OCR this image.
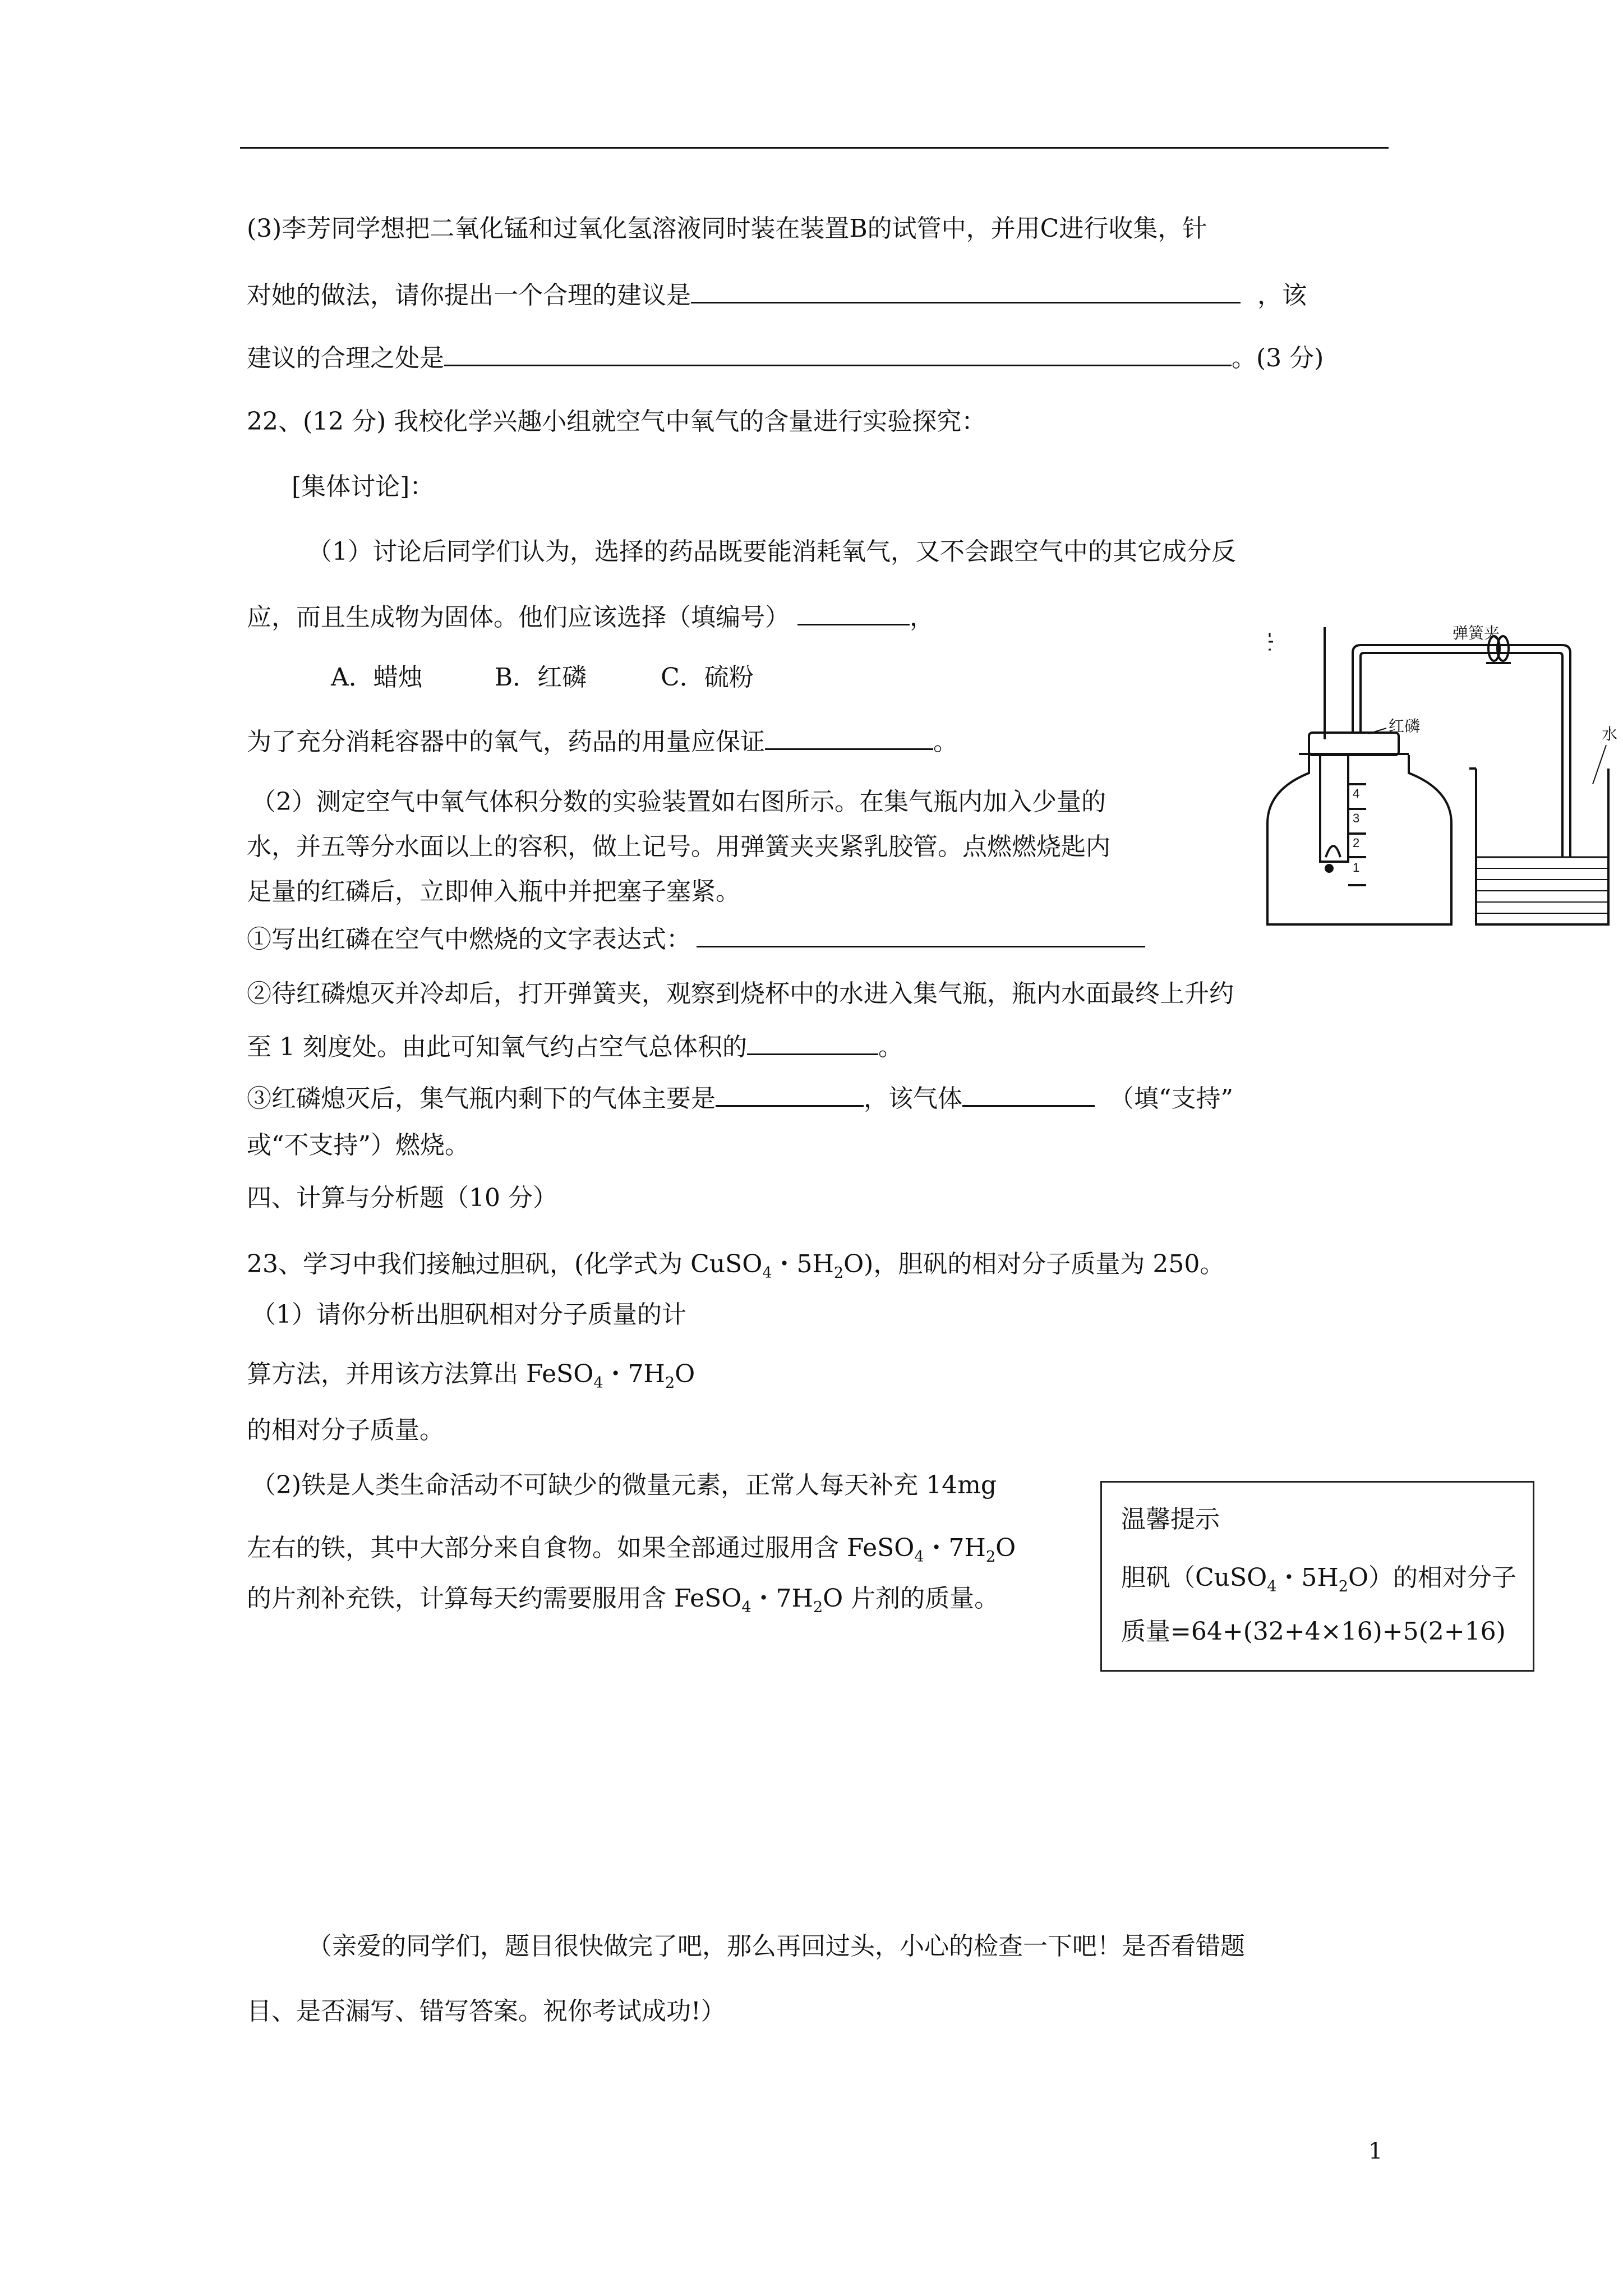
(3)李芳同学想把二氧化锰和过氧化氢溶液同时装在装置B的试管中，并用C进行收集，针
对她的做法，请你提出一个合理的建议是	，该
建议的合理之处是	。(3 分)
22、(12 分) 我校化学兴趣小组就空气中氧气的含量进行实验探究：
[集体讨论]：
（1）讨论后同学们认为，选择的药品既要能消耗氧气，又不会跟空气中的其它成分反
应，而且生成物为固体。他们应该选择（填编号）	，
A．蜡烛	B．红磷	C．硫粉
为了充分消耗容器中的氧气，药品的用量应保证	。
（2）测定空气中氧气体积分数的实验装置如右图所示。在集气瓶内加入少量的
水，并五等分水面以上的容积，做上记号。用弹簧夹夹紧乳胶管。点燃燃烧匙内
足量的红磷后，立即伸入瓶中并把塞子塞紧。
①写出红磷在空气中燃烧的文字表达式：
②待红磷熄灭并冷却后，打开弹簧夹，观察到烧杯中的水进入集气瓶，瓶内水面最终上升约
至 1 刻度处。由此可知氧气约占空气总体积的	。
③红磷熄灭后，集气瓶内剩下的气体主要是	，该气体	（填“支持”
或“不支持”）燃烧。
弹簧夹
红磷	水
4
3
2
1
四、计算与分析题（10 分）
23、学习中我们接触过胆矾，(化学式为 CuSO$_4$・$5H_2O$)，胆矾的相对分子质量为 250。
（1）请你分析出胆矾相对分子质量的计
算方法，并用该方法算出 FeSO$_4$・$7H_2O$
的相对分子质量。
（2)铁是人类生命活动不可缺少的微量元素，正常人每天补充 14mg
左右的铁，其中大部分来自食物。如果全部通过服用含 FeSO$_4$・$7H_2O$
的片剂补充铁，计算每天约需要服用含 FeSO$_4$・$7H_2O$ 片剂的质量。
温馨提示
胆矾（CuSO$_4$・$5H_2O$）的相对分子
质量=64+(32+4×16)+5(2+16)
（亲爱的同学们，题目很快做完了吧，那么再回过头，小心的检查一下吧！是否看错题
目、是否漏写、错写答案。祝你考试成功!）
1
